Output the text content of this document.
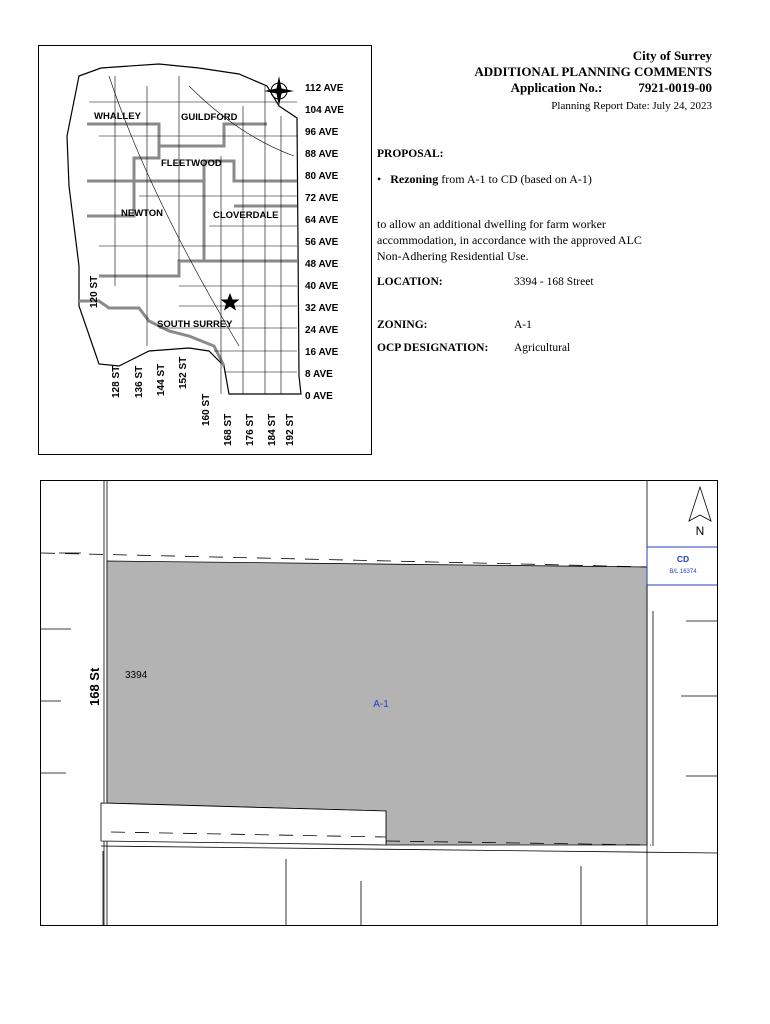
WHALLEY	GUILDFORD
FLEETWOOD
NEWTON	CLOVERDALE
SOUTH SURREY
112 AVE
104 AVE
96 AVE
88 AVE
80 AVE
72 AVE
64 AVE
56 AVE
48 AVE
40 AVE
32 AVE
24 AVE
16 AVE
8 AVE
0 AVE
128 ST 136 ST 144 ST 152 ST
160 ST
168 ST 176 ST 184 ST 192 ST
120 ST
City of Surrey
ADDITIONAL PLANNING COMMENTS
Application No.:	7921-0019-00
Planning Report Date: July 24, 2023
PROPOSAL:
• Rezoning from A-1 to CD (based on A-1)
to allow an additional dwelling for farm worker
accommodation, in accordance with the approved ALC
Non-Adhering Residential Use.
LOCATION:	3394 - 168 Street
ZONING:	A-1
OCP DESIGNATION: Agricultural
CD
B/L 16374
N
168 St 3394
A-1
